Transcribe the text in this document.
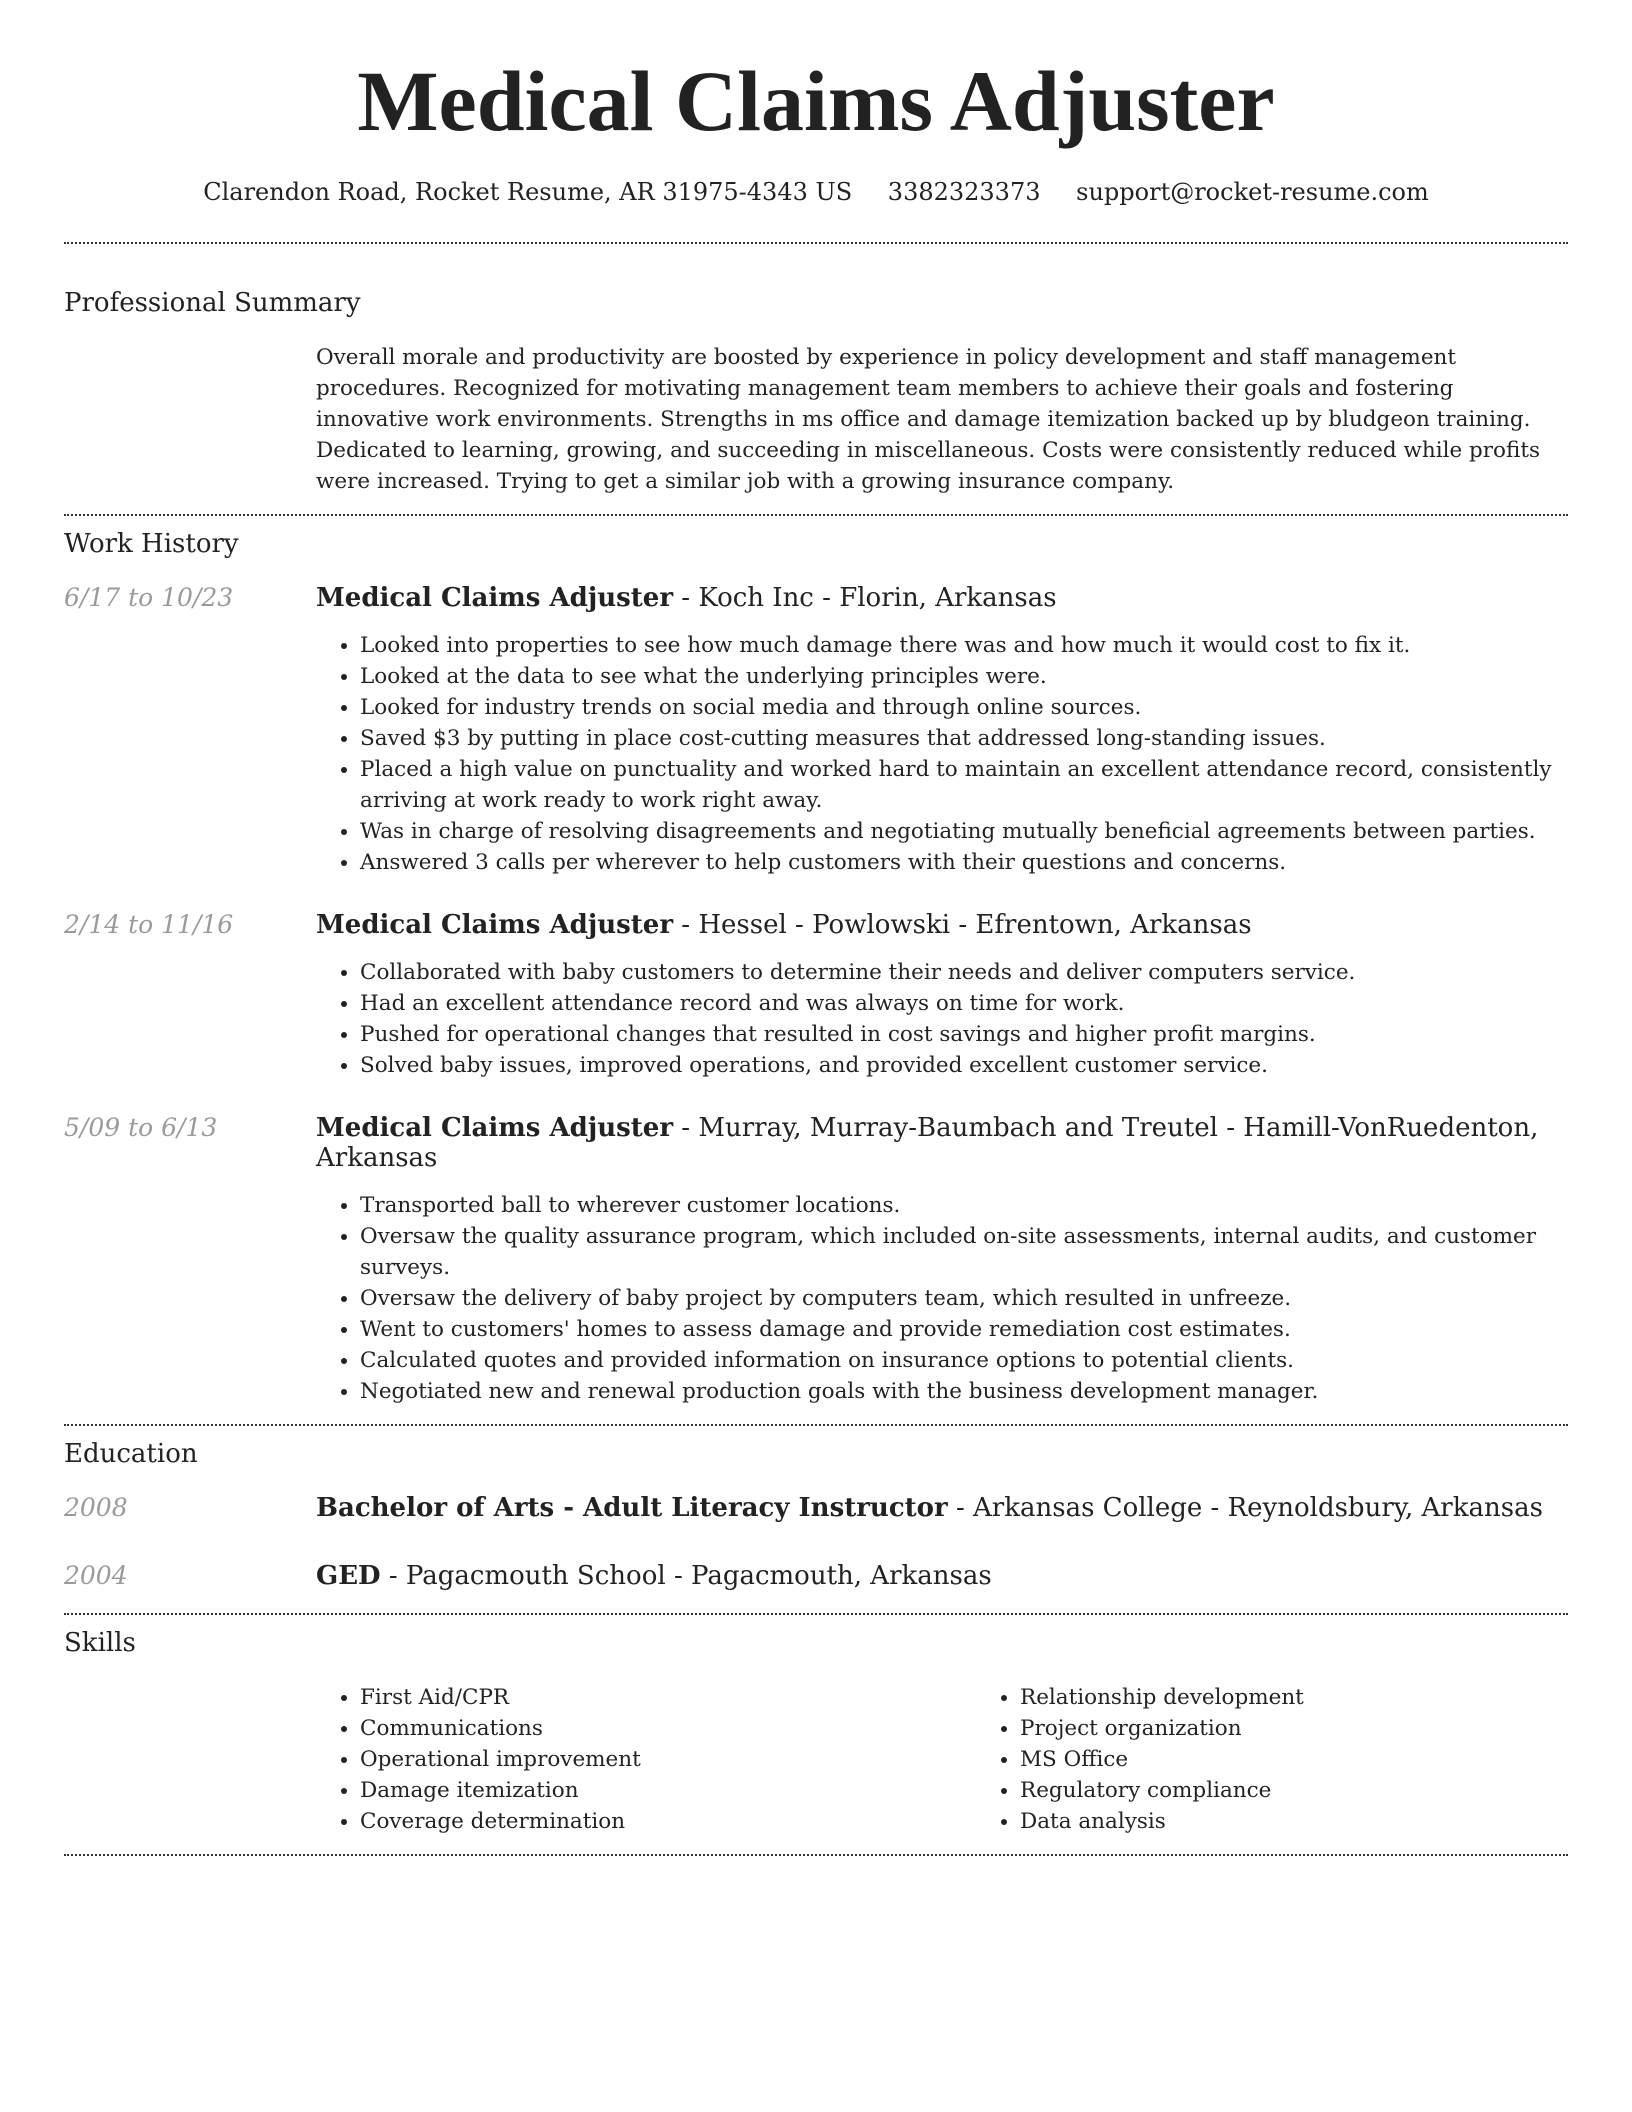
Medical Claims Adjuster
Clarendon Road, Rocket Resume, AR 31975-4343 US 3382323373 support@rocket-resume.com
Professional Summary

Overall morale and productivity are boosted by experience in policy development and staff management procedures. Recognized for motivating management team members to achieve their goals and fostering innovative work environments. Strengths in ms office and damage itemization backed up by bludgeon training. Dedicated to learning, growing, and succeeding in miscellaneous. Costs were consistently reduced while profits were increased. Trying to get a similar job with a growing insurance company.

Work History
6/17 to 10/23	Medical Claims Adjuster - Koch Inc - Florin, Arkansas
• Looked into properties to see how much damage there was and how much it would cost to fix it.
• Looked at the data to see what the underlying principles were.
• Looked for industry trends on social media and through online sources.
• Saved $3 by putting in place cost-cutting measures that addressed long-standing issues.
• Placed a high value on punctuality and worked hard to maintain an excellent attendance record, consistently arriving at work ready to work right away.
• Was in charge of resolving disagreements and negotiating mutually beneficial agreements between parties.
• Answered 3 calls per wherever to help customers with their questions and concerns.
2/14 to 11/16	Medical Claims Adjuster - Hessel - Powlowski - Efrentown, Arkansas
• Collaborated with baby customers to determine their needs and deliver computers service.
• Had an excellent attendance record and was always on time for work.
• Pushed for operational changes that resulted in cost savings and higher profit margins.
• Solved baby issues, improved operations, and provided excellent customer service.
5/09 to 6/13	Medical Claims Adjuster - Murray, Murray-Baumbach and Treutel - Hamill-VonRuedenton, Arkansas
• Transported ball to wherever customer locations.
• Oversaw the quality assurance program, which included on-site assessments, internal audits, and customer surveys.
• Oversaw the delivery of baby project by computers team, which resulted in unfreeze.
• Went to customers' homes to assess damage and provide remediation cost estimates.
• Calculated quotes and provided information on insurance options to potential clients.
• Negotiated new and renewal production goals with the business development manager.
Education
2008	Bachelor of Arts - Adult Literacy Instructor - Arkansas College - Reynoldsbury, Arkansas
2004	GED - Pagacmouth School - Pagacmouth, Arkansas
Skills
• First Aid/CPR
• Communications
• Operational improvement
• Damage itemization
• Coverage determination
• Relationship development
• Project organization
• MS Office
• Regulatory compliance
• Data analysis
